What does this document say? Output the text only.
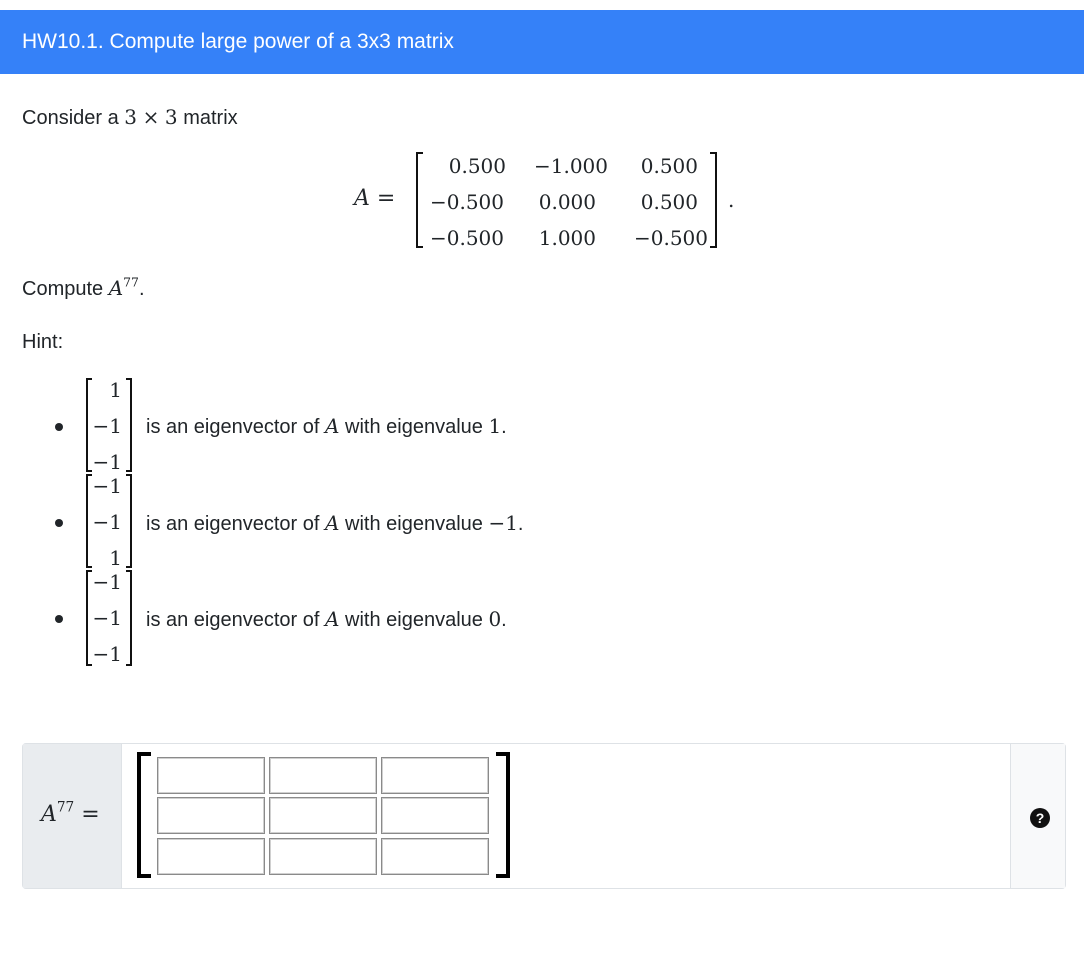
HW10.1. Compute large power of a 3x3 matrix
Consider a 3 × 3 matrix
A =
0.500 −1.000	0.500
−0.500	0.000	0.500
−0.500	1.000	−0.500
.
Compute $A^{77}$.
Hint:
1
−1
−1
is an eigenvector of A with eigenvalue 1.
−1
−1
1
is an eigenvector of A with eigenvalue −1.
−1
−1
−1
is an eigenvector of A with eigenvalue 0.
$A^{77}$ =	?
